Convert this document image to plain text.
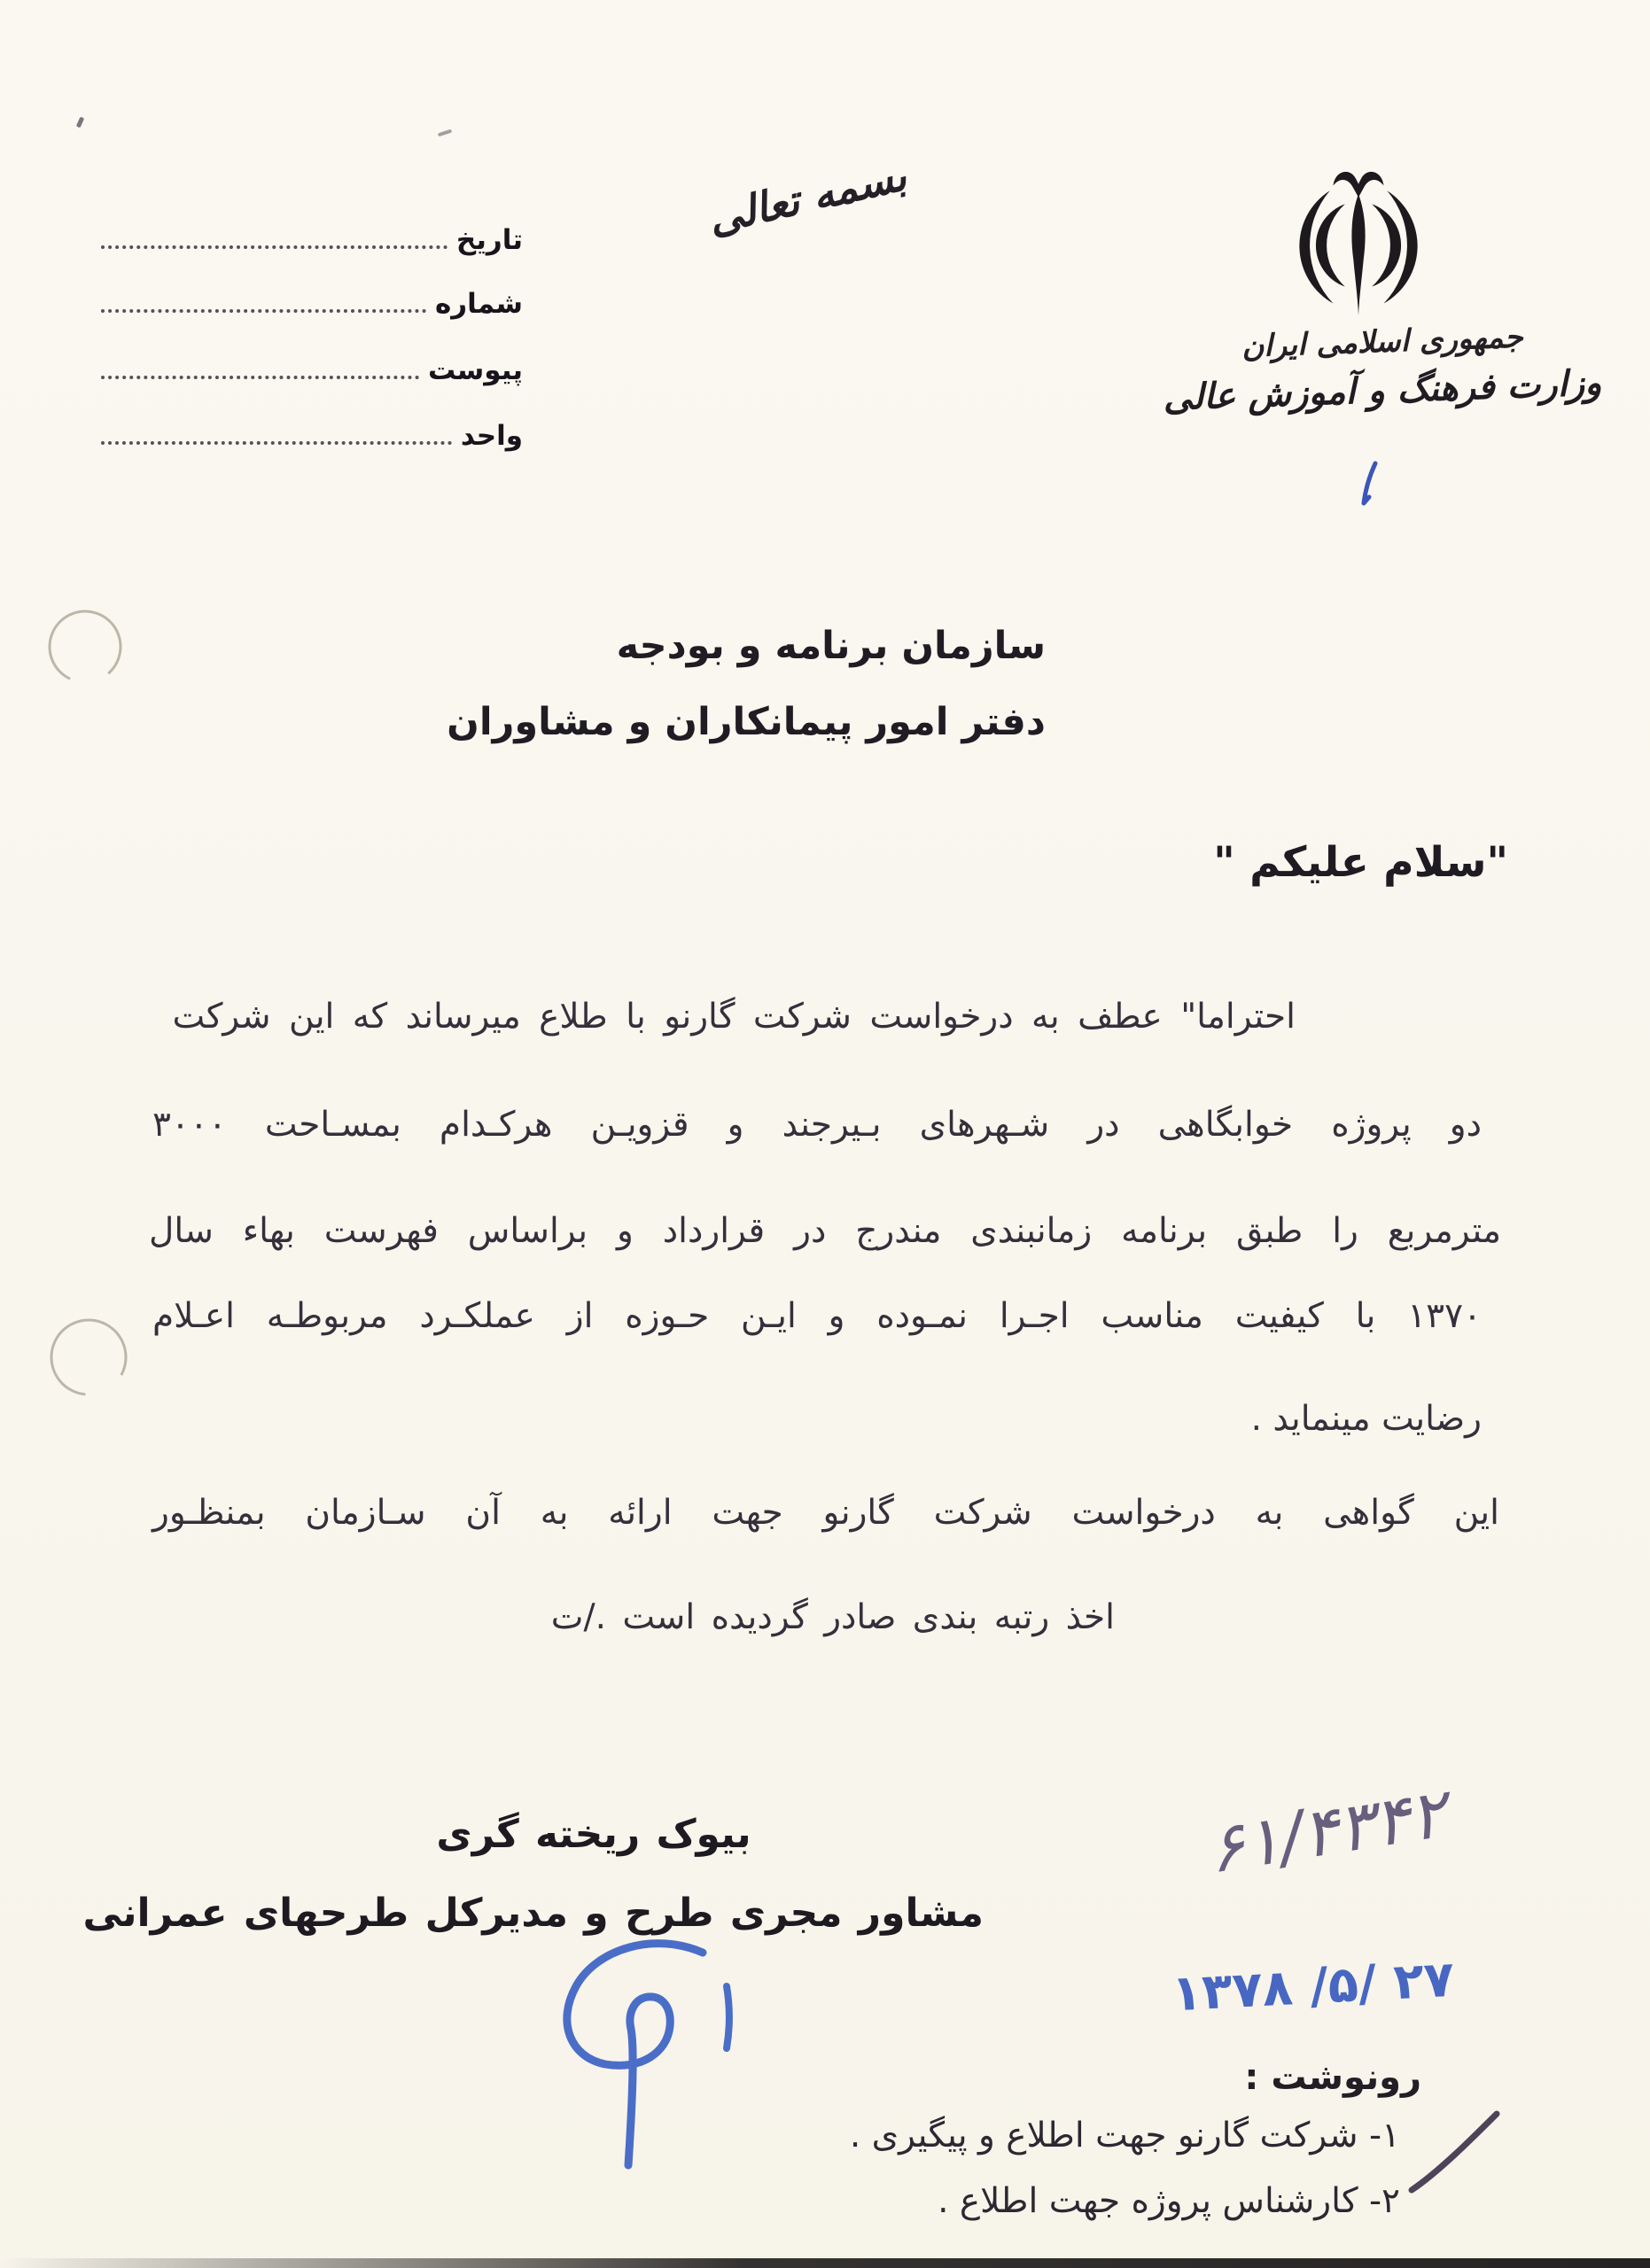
تاریخ
شماره
پیوست
واحد
بسمه تعالی
جمهوری اسلامی ایران
وزارت فرهنگ و آموزش عالی
سازمان برنامه و بودجه
دفتر امور پیمانکاران و مشاوران
"سلام علیکم "
احتراما" عطف به درخواست شرکت گارنو با طلاع میرساند که این شرکت
دو پروژه خوابگاهی در شـهرهای بـیرجند و قزویـن هرکـدام بمسـاحت ۳۰۰۰
مترمربع را طبق برنامه زمانبندی مندرج در قرارداد و براساس فهرست بهاء سال
۱۳۷۰ با کیفیت مناسب اجـرا نمـوده و ایـن حـوزه از عملکـرد مربوطـه اعـلام
رضایت مینماید .
این گواهی به درخواست شرکت گارنو جهت ارائه به آن سـازمان بمنظـور
اخذ رتبه بندی صادر گردیده است ./ت
بیوک ریخته گری
مشاور مجری طرح و مدیرکل طرحهای عمرانی
۶۱/۴۳۴۲
۱۳۷۸ /۵/ ۲۷
رونوشت :
۱- شرکت گارنو جهت اطلاع و پیگیری .
۲- کارشناس پروژه جهت اطلاع .
